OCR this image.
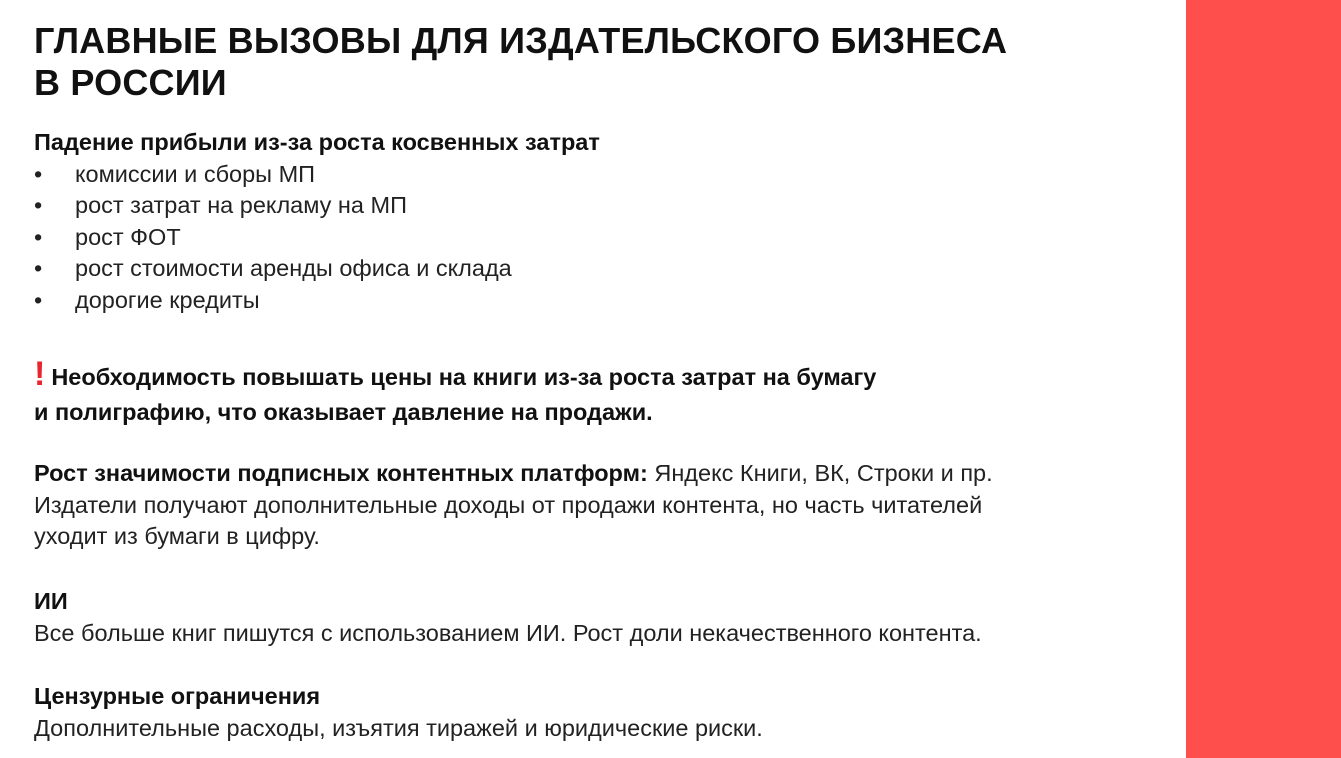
ГЛАВНЫЕ ВЫЗОВЫ ДЛЯ ИЗДАТЕЛЬСКОГО БИЗНЕСА
В РОССИИ
Падение прибыли из-за роста косвенных затрат
• комиссии и сборы МП
• рост затрат на рекламу на МП
• рост ФОТ
• рост стоимости аренды офиса и склада
• дорогие кредиты
! Необходимость повышать цены на книги из-за роста затрат на бумагу
и полиграфию, что оказывает давление на продажи.
Рост значимости подписных контентных платформ: Яндекс Книги, ВК, Строки и пр.
Издатели получают дополнительные доходы от продажи контента, но часть читателей
уходит из бумаги в цифру.
ИИ
Все больше книг пишутся с использованием ИИ. Рост доли некачественного контента.
Цензурные ограничения
Дополнительные расходы, изъятия тиражей и юридические риски.
